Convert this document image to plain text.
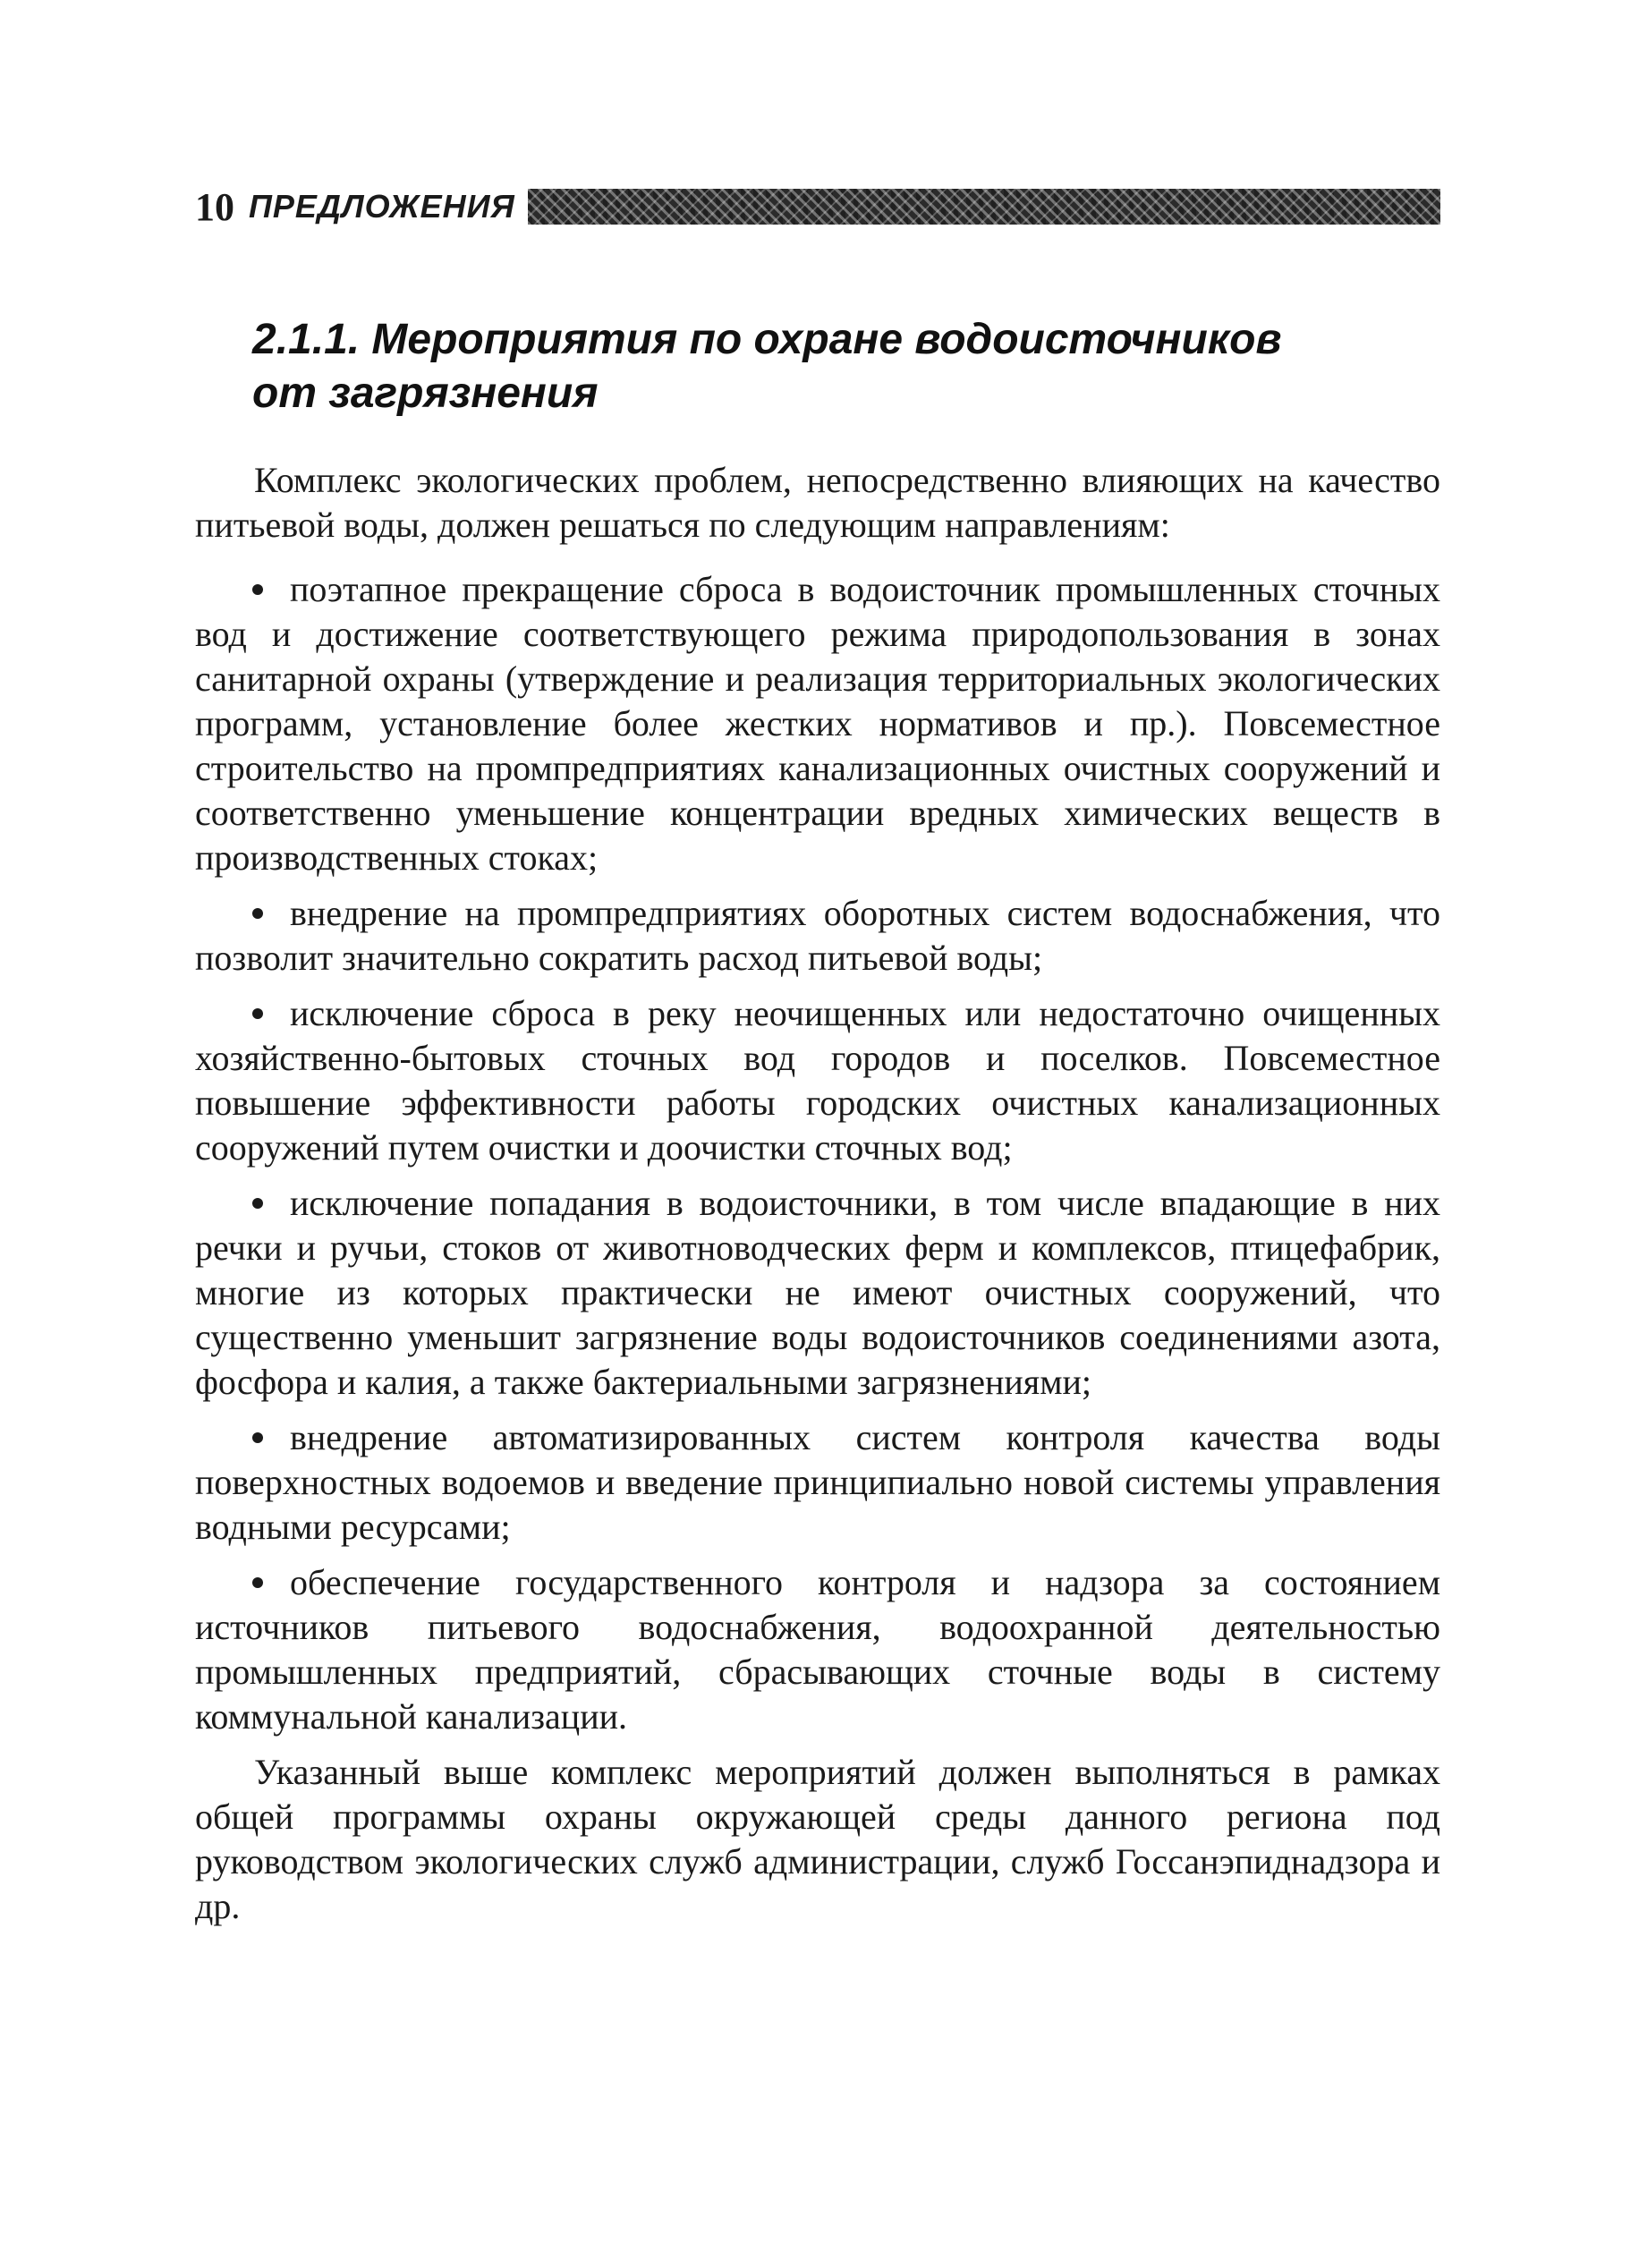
10 ПРЕДЛОЖЕНИЯ
2.1.1. Мероприятия по охране водоисточников
от загрязнения

Комплекс экологических проблем, непосредственно влияющих на качество питьевой воды, должен решаться по следующим направлениям:

поэтапное прекращение сброса в водоисточник промышленных сточных вод и достижение соответствующего режима природопользования в зонах санитарной охраны (утверждение и реализация территориальных экологических программ, установление более жестких нормативов и пр.). Повсеместное строительство на промпредприятиях канализационных очистных сооружений и соответственно уменьшение концентрации вредных химических веществ в производственных стоках;
внедрение на промпредприятиях оборотных систем водоснабжения, что позволит значительно сократить расход питьевой воды;
исключение сброса в реку неочищенных или недостаточно очищенных хозяйственно-бытовых сточных вод городов и поселков. Повсеместное повышение эффективности работы городских очистных канализационных сооружений путем очистки и доочистки сточных вод;
исключение попадания в водоисточники, в том числе впадающие в них речки и ручьи, стоков от животноводческих ферм и комплексов, птицефабрик, многие из которых практически не имеют очистных сооружений, что существенно уменьшит загрязнение воды водоисточников соединениями азота, фосфора и калия, а также бактериальными загрязнениями;
внедрение автоматизированных систем контроля качества воды поверхностных водоемов и введение принципиально новой системы управления водными ресурсами;
обеспечение государственного контроля и надзора за состоянием источников питьевого водоснабжения, водоохранной деятельностью промышленных предприятий, сбрасывающих сточные воды в систему коммунальной канализации.

Указанный выше комплекс мероприятий должен выполняться в рамках общей программы охраны окружающей среды данного региона под руководством экологических служб администрации, служб Госсанэпиднадзора и др.
